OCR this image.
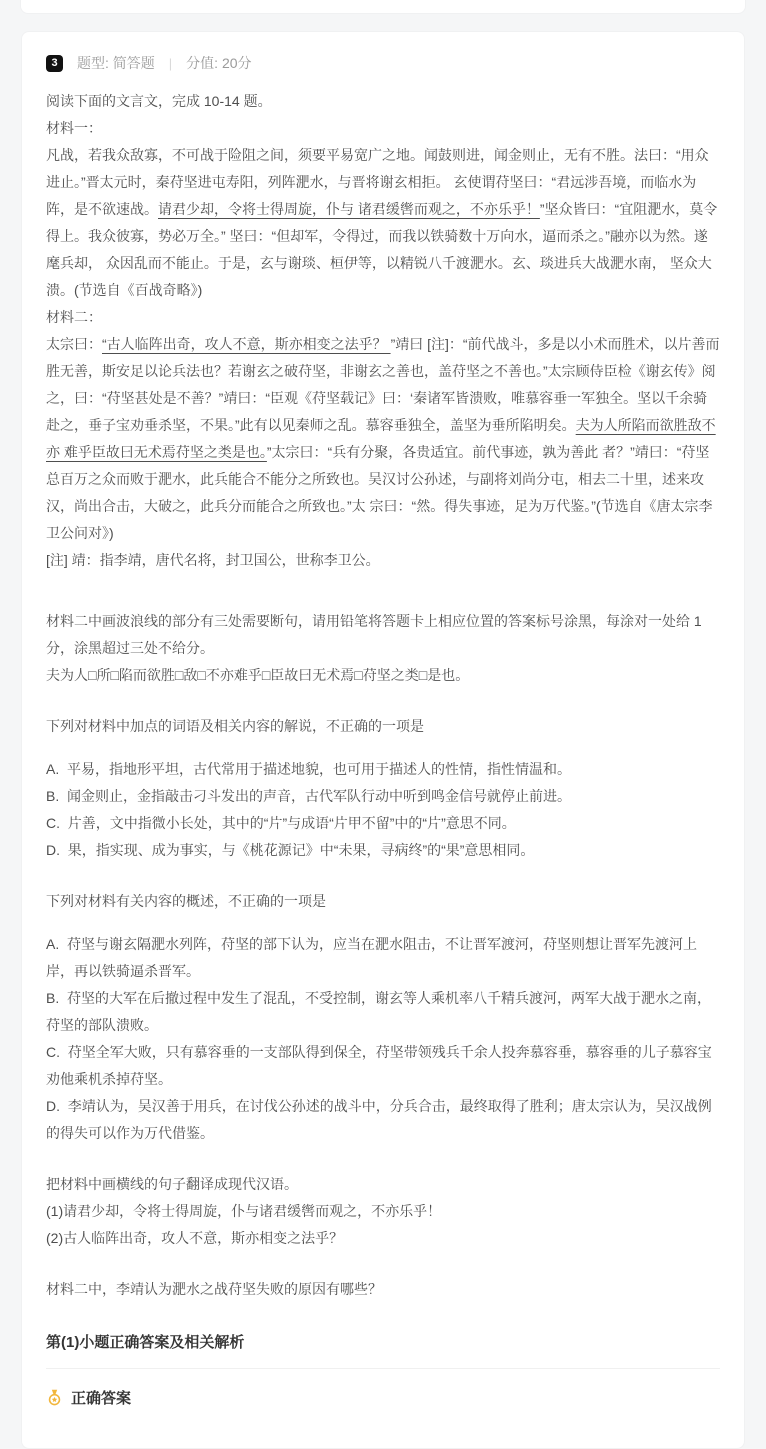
3	题型: 简答题 | 分值: 20分

阅读下面的文言文，完成 10-14 题。

材料一：

凡战，若我众敌寡，不可战于险阻之间，须要平易宽广之地。闻鼓则进，闻金则止，无有不胜。法曰：“用众进止。”晋太元时，秦苻坚进屯寿阳，列阵淝水，与晋将谢玄相拒。 玄使谓苻坚曰：“君远涉吾境，而临水为阵，是不欲速战。请君少却，令将士得周旋，仆与 诸君缓辔而观之，不亦乐乎！”坚众皆曰：“宜阻淝水，莫令得上。我众彼寡，势必万全。” 坚曰：“但却军，令得过，而我以铁骑数十万向水，逼而杀之。”融亦以为然。遂麾兵却， 众因乱而不能止。于是，玄与谢琰、桓伊等，以精锐八千渡淝水。玄、琰进兵大战淝水南， 坚众大溃。(节选自《百战奇略》)

材料二：

太宗曰：“古人临阵出奇，攻人不意，斯亦相变之法乎？ ”靖曰 [注]：“前代战斗，多是以小术而胜术，以片善而胜无善，斯安足以论兵法也？若谢玄之破苻坚，非谢玄之善也，盖苻坚之不善也。”太宗顾侍臣检《谢玄传》阅之，曰：“苻坚甚处是不善？”靖曰：“臣观《苻坚载记》曰：‘秦诸军皆溃败，唯慕容垂一军独全。坚以千余骑赴之，垂子宝劝垂杀坚，不果。”此有以见秦师之乱。慕容垂独全，盖坚为垂所陷明矣。夫为人所陷而欲胜敌不亦 难乎臣故曰无术焉苻坚之类是也。”太宗曰：“兵有分聚，各贵适宜。前代事迹，孰为善此 者？”靖曰：“苻坚总百万之众而败于淝水，此兵能合不能分之所致也。吴汉讨公孙述，与副将刘尚分屯，相去二十里，述来攻汉，尚出合击，大破之，此兵分而能合之所致也。”太 宗曰：“然。得失事迹，足为万代鉴。”(节选自《唐太宗李卫公问对》)

[注] 靖：指李靖，唐代名将，封卫国公，世称李卫公。

材料二中画波浪线的部分有三处需要断句，请用铅笔将答题卡上相应位置的答案标号涂黑，每涂对一处给 1 分，涂黑超过三处不给分。

夫为人□所□陷而欲胜□敌□不亦难乎□臣故曰无术焉□苻坚之类□是也。

下列对材料中加点的词语及相关内容的解说，不正确的一项是

A.  平易，指地形平坦，古代常用于描述地貌，也可用于描述人的性情，指性情温和。

B.  闻金则止，金指敲击刁斗发出的声音，古代军队行动中听到鸣金信号就停止前进。

C.  片善，文中指微小长处，其中的“片”与成语“片甲不留”中的“片”意思不同。

D.  果，指实现、成为事实，与《桃花源记》中“未果，寻病终”的“果”意思相同。

下列对材料有关内容的概述，不正确的一项是

A.  苻坚与谢玄隔淝水列阵，苻坚的部下认为，应当在淝水阻击，不让晋军渡河，苻坚则想让晋军先渡河上岸，再以铁骑逼杀晋军。

B.  苻坚的大军在后撤过程中发生了混乱，不受控制，谢玄等人乘机率八千精兵渡河，两军大战于淝水之南，苻坚的部队溃败。

C.  苻坚全军大败，只有慕容垂的一支部队得到保全，苻坚带领残兵千余人投奔慕容垂，慕容垂的儿子慕容宝劝他乘机杀掉苻坚。

D.  李靖认为，吴汉善于用兵，在讨伐公孙述的战斗中，分兵合击，最终取得了胜利；唐太宗认为，吴汉战例的得失可以作为万代借鉴。

把材料中画横线的句子翻译成现代汉语。

(1)请君少却，令将士得周旋，仆与诸君缓辔而观之，不亦乐乎！

(2)古人临阵出奇，攻人不意，斯亦相变之法乎？

材料二中，李靖认为淝水之战苻坚失败的原因有哪些？

第(1)小题正确答案及相关解析
正确答案
